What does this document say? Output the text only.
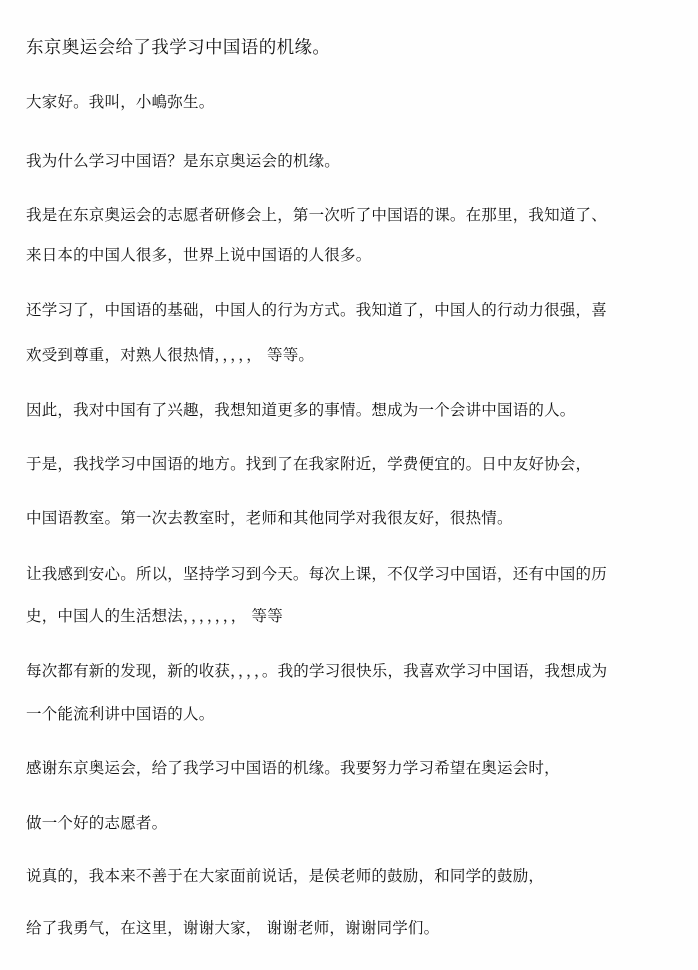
东京奥运会给了我学习中国语的机缘。

大家好。我叫，小嶋弥生。

我为什么学习中国语？是东京奥运会的机缘。

我是在东京奥运会的志愿者研修会上，第一次听了中国语的课。在那里，我知道了、

来日本的中国人很多，世界上说中国语的人很多。

还学习了，中国语的基础，中国人的行为方式。我知道了，中国人的行动力很强，喜

欢受到尊重，对熟人很热情，，，，， 等等。

因此，我对中国有了兴趣，我想知道更多的事情。想成为一个会讲中国语的人。

于是，我找学习中国语的地方。找到了在我家附近，学费便宜的。日中友好协会，

中国语教室。第一次去教室时，老师和其他同学对我很友好，很热情。

让我感到安心。所以，坚持学习到今天。每次上课，不仅学习中国语，还有中国的历

史，中国人的生活想法，，，，，，， 等等

每次都有新的发现，新的收获，，，，。我的学习很快乐，我喜欢学习中国语，我想成为

一个能流利讲中国语的人。

感谢东京奥运会，给了我学习中国语的机缘。我要努力学习希望在奥运会时，

做一个好的志愿者。

说真的，我本来不善于在大家面前说话，是侯老师的鼓励，和同学的鼓励，

给了我勇气，在这里，谢谢大家， 谢谢老师，谢谢同学们。
